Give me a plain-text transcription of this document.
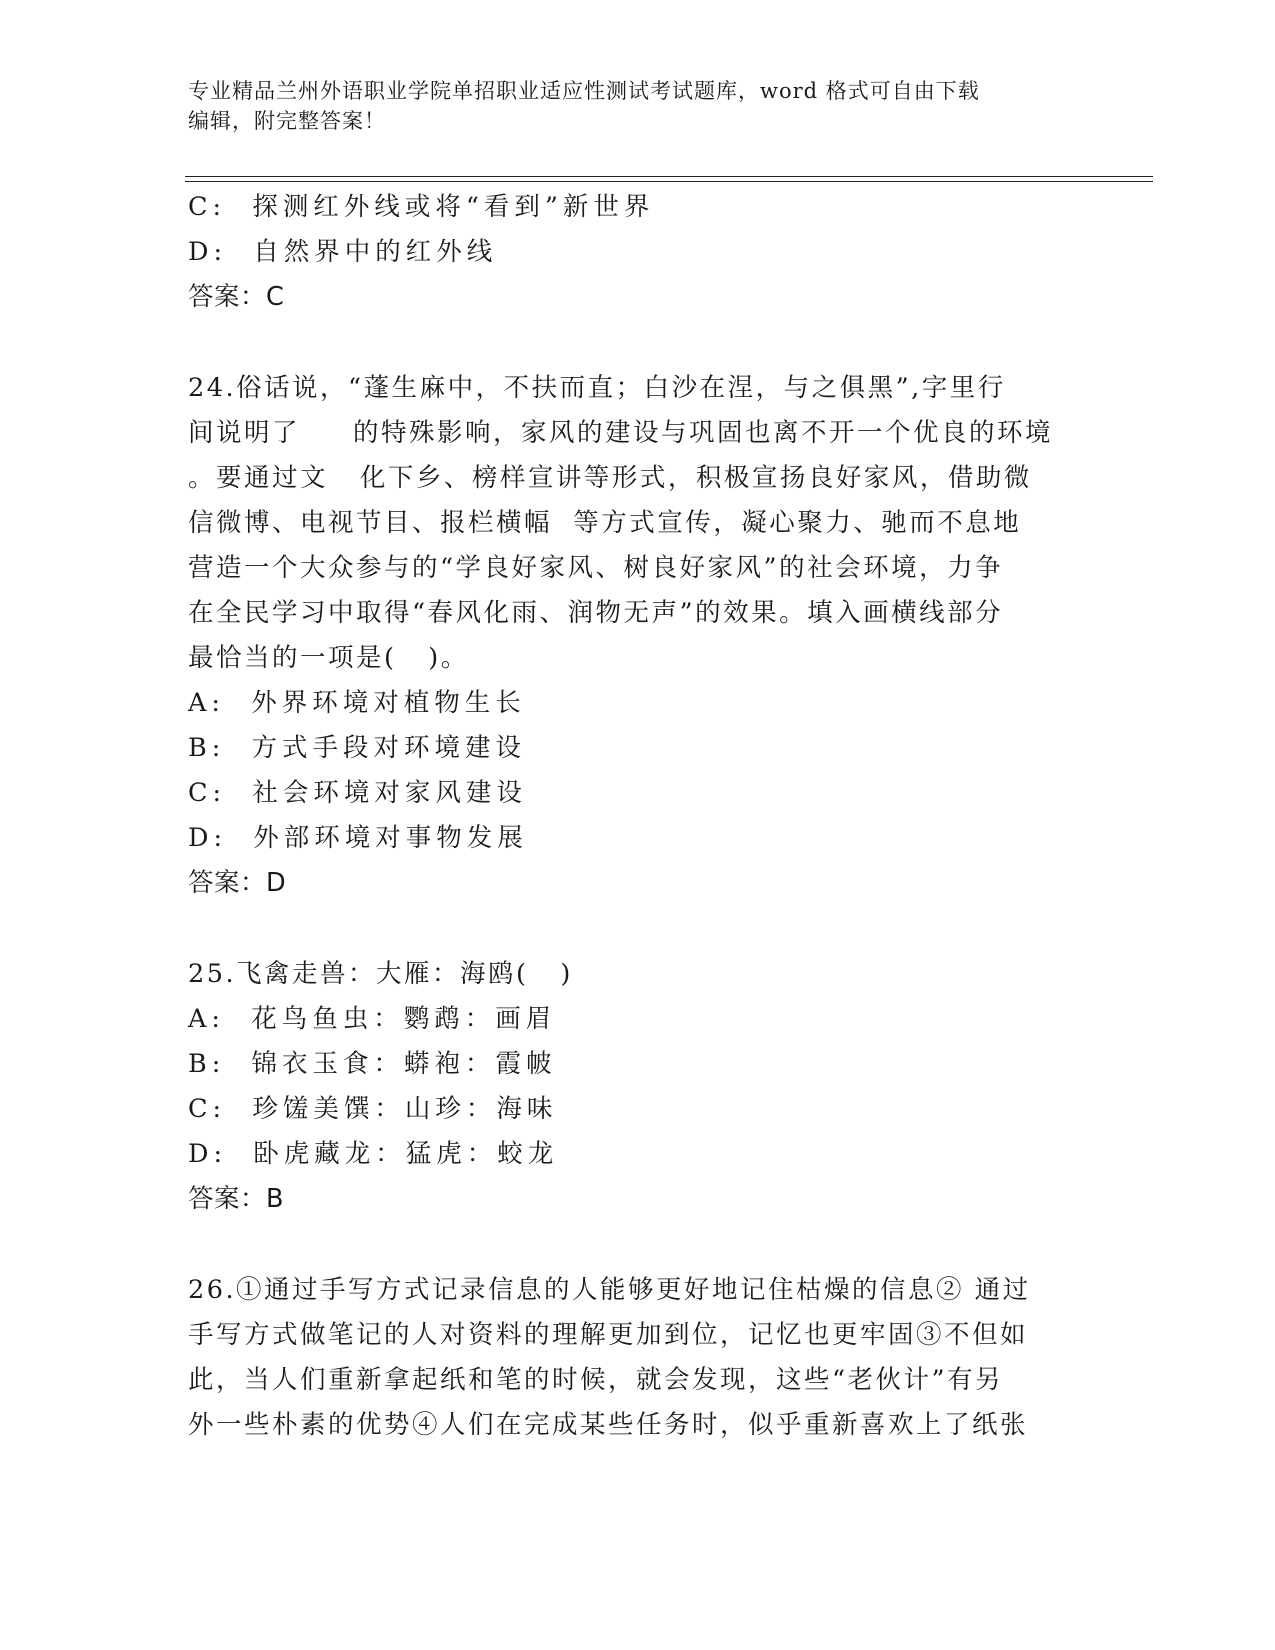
专业精品兰州外语职业学院单招职业适应性测试考试题库，word 格式可自由下载
编辑，附完整答案！
C:  探测红外线或将“看到”新世界
D:  自然界中的红外线
答案：C
24.俗话说，“蓬生麻中，不扶而直；白沙在涅，与之俱黑”,字里行
间说明了     的特殊影响，家风的建设与巩固也离不开一个优良的环境
。要通过文   化下乡、榜样宣讲等形式，积极宣扬良好家风，借助微
信微博、电视节目、报栏横幅  等方式宣传，凝心聚力、驰而不息地
营造一个大众参与的“学良好家风、树良好家风”的社会环境，力争
在全民学习中取得“春风化雨、润物无声”的效果。填入画横线部分
最恰当的一项是(   )。
A:  外界环境对植物生长
B:  方式手段对环境建设
C:  社会环境对家风建设
D:  外部环境对事物发展
答案：D
25.飞禽走兽：大雁：海鸥(   )
A:  花鸟鱼虫：鹦鹉：画眉
B:  锦衣玉食：蟒袍：霞帔
C:  珍馐美馔：山珍：海味
D:  卧虎藏龙：猛虎：蛟龙
答案：B
26.①通过手写方式记录信息的人能够更好地记住枯燥的信息② 通过
手写方式做笔记的人对资料的理解更加到位，记忆也更牢固③不但如
此，当人们重新拿起纸和笔的时候，就会发现，这些“老伙计”有另
外一些朴素的优势④人们在完成某些任务时，似乎重新喜欢上了纸张
